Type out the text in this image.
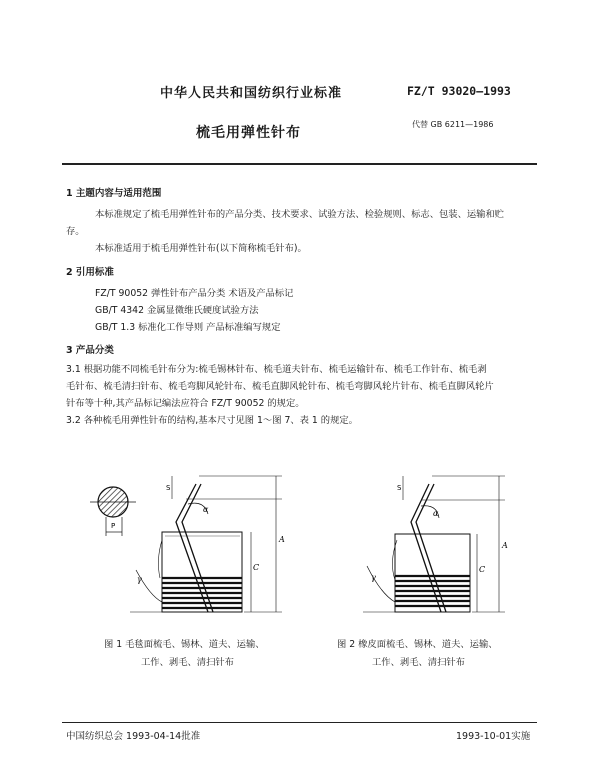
中华人民共和国纺织行业标准	FZ/T 93020—1993
梳毛用弹性针布
代替 GB 6211—1986
1 主题内容与适用范围
本标准规定了梳毛用弹性针布的产品分类、技术要求、试验方法、检验规则、标志、包装、运输和贮
存。
本标准适用于梳毛用弹性针布(以下简称梳毛针布)。
2 引用标准
FZ/T 90052 弹性针布产品分类 术语及产品标记
GB/T 4342 金属显微维氏硬度试验方法
GB/T 1.3 标准化工作导则 产品标准编写规定
3 产品分类
3.1 根据功能不同梳毛针布分为:梳毛锡林针布、梳毛道夫针布、梳毛运输针布、梳毛工作针布、梳毛剥
毛针布、梳毛清扫针布、梳毛弯脚风轮针布、梳毛直脚风轮针布、梳毛弯脚风轮片针布、梳毛直脚风轮片
针布等十种,其产品标记编法应符合 FZ/T 90052 的规定。
3.2 各种梳毛用弹性针布的结构,基本尺寸见图 1～图 7、表 1 的规定。
P
α
A
C
S
γ
α
A
C
S
γ
图 1 毛毯面梳毛、锡林、道夫、运输、
工作、剥毛、清扫针布
图 2 橡皮面梳毛、锡林、道夫、运输、
工作、剥毛、清扫针布
中国纺织总会 1993-04-14批准	1993-10-01实施
